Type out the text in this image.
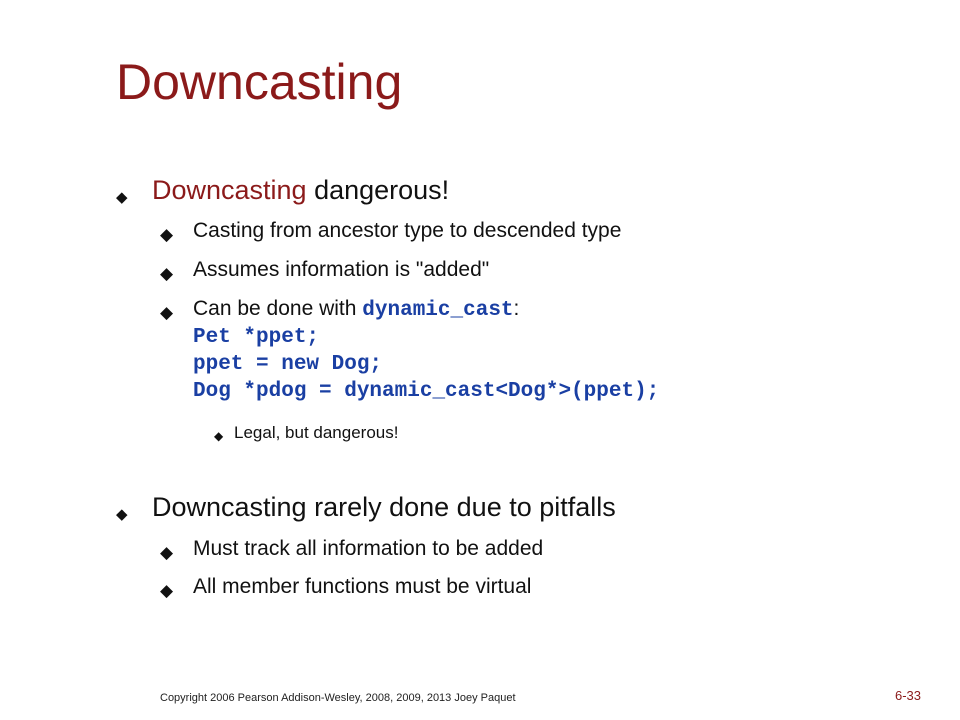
Downcasting
◆ Downcasting dangerous!
◆ Casting from ancestor type to descended type
◆ Assumes information is "added"
◆ Can be done with dynamic_cast:
Pet *ppet;
ppet = new Dog;
Dog *pdog = dynamic_cast<Dog*>(ppet);
◆ Legal, but dangerous!
◆ Downcasting rarely done due to pitfalls
◆ Must track all information to be added
◆ All member functions must be virtual
Copyright 2006 Pearson Addison-Wesley, 2008, 2009, 2013 Joey Paquet	6-33
